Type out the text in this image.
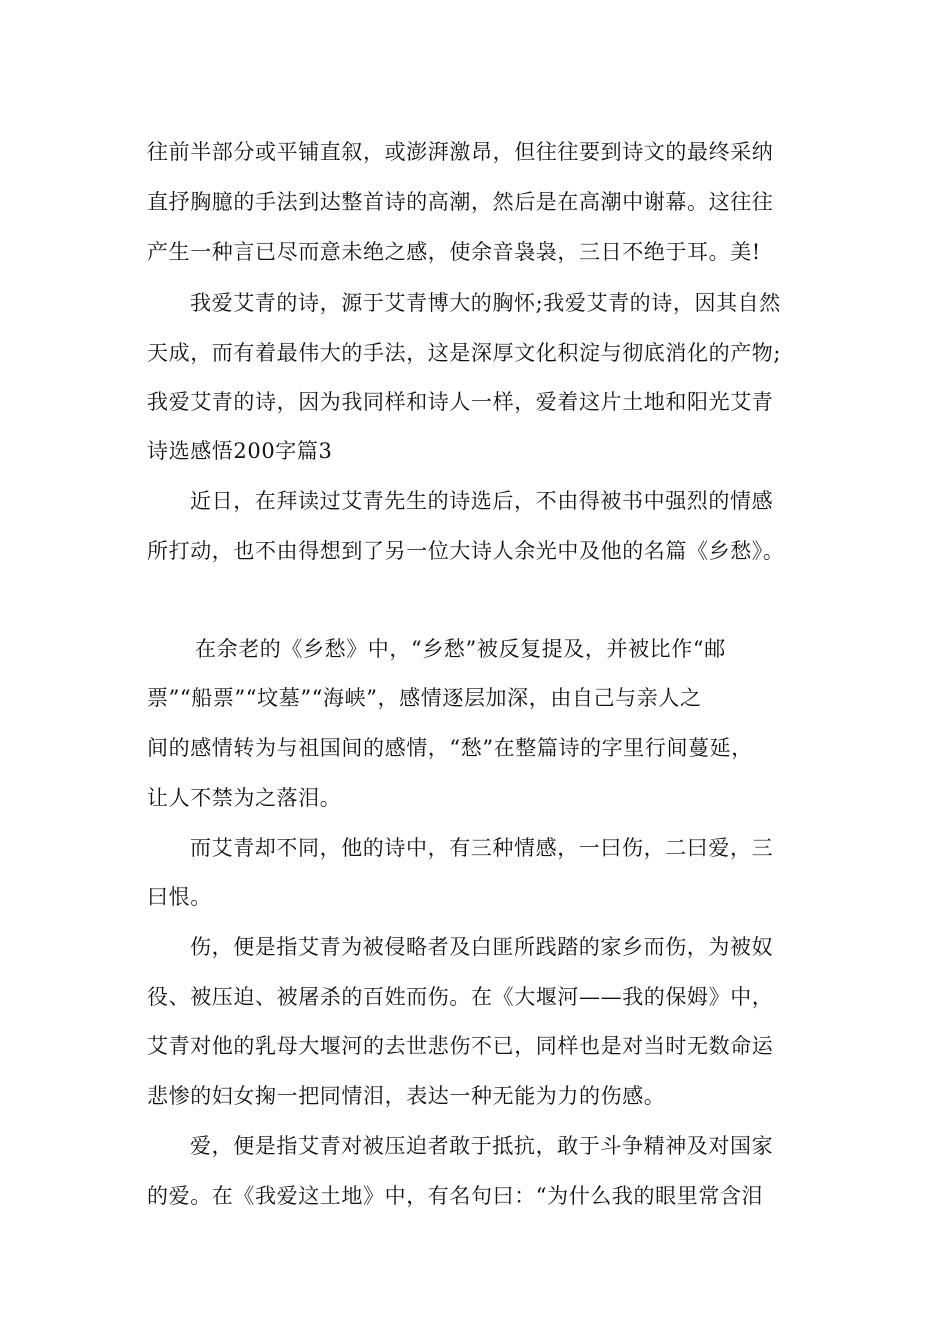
往前半部分或平铺直叙，或澎湃激昂，但往往要到诗文的最终采纳
直抒胸臆的手法到达整首诗的高潮，然后是在高潮中谢幕。这往往
产生一种言已尽而意未绝之感，使余音袅袅，三日不绝于耳。美!
我爱艾青的诗，源于艾青博大的胸怀;我爱艾青的诗，因其自然
天成，而有着最伟大的手法，这是深厚文化积淀与彻底消化的产物;
我爱艾青的诗，因为我同样和诗人一样，爱着这片土地和阳光艾青
诗选感悟200字篇3
近日，在拜读过艾青先生的诗选后，不由得被书中强烈的情感
所打动，也不由得想到了另一位大诗人余光中及他的名篇《乡愁》。
在余老的《乡愁》中，“乡愁”被反复提及，并被比作“邮
票”“船票”“坟墓”“海峡”，感情逐层加深，由自己与亲人之
间的感情转为与祖国间的感情，“愁”在整篇诗的字里行间蔓延，
让人不禁为之落泪。
而艾青却不同，他的诗中，有三种情感，一曰伤，二曰爱，三
曰恨。
伤，便是指艾青为被侵略者及白匪所践踏的家乡而伤，为被奴
役、被压迫、被屠杀的百姓而伤。在《大堰河——我的保姆》中，
艾青对他的乳母大堰河的去世悲伤不已，同样也是对当时无数命运
悲惨的妇女掬一把同情泪，表达一种无能为力的伤感。
爱，便是指艾青对被压迫者敢于抵抗，敢于斗争精神及对国家
的爱。在《我爱这土地》中，有名句曰：“为什么我的眼里常含泪
